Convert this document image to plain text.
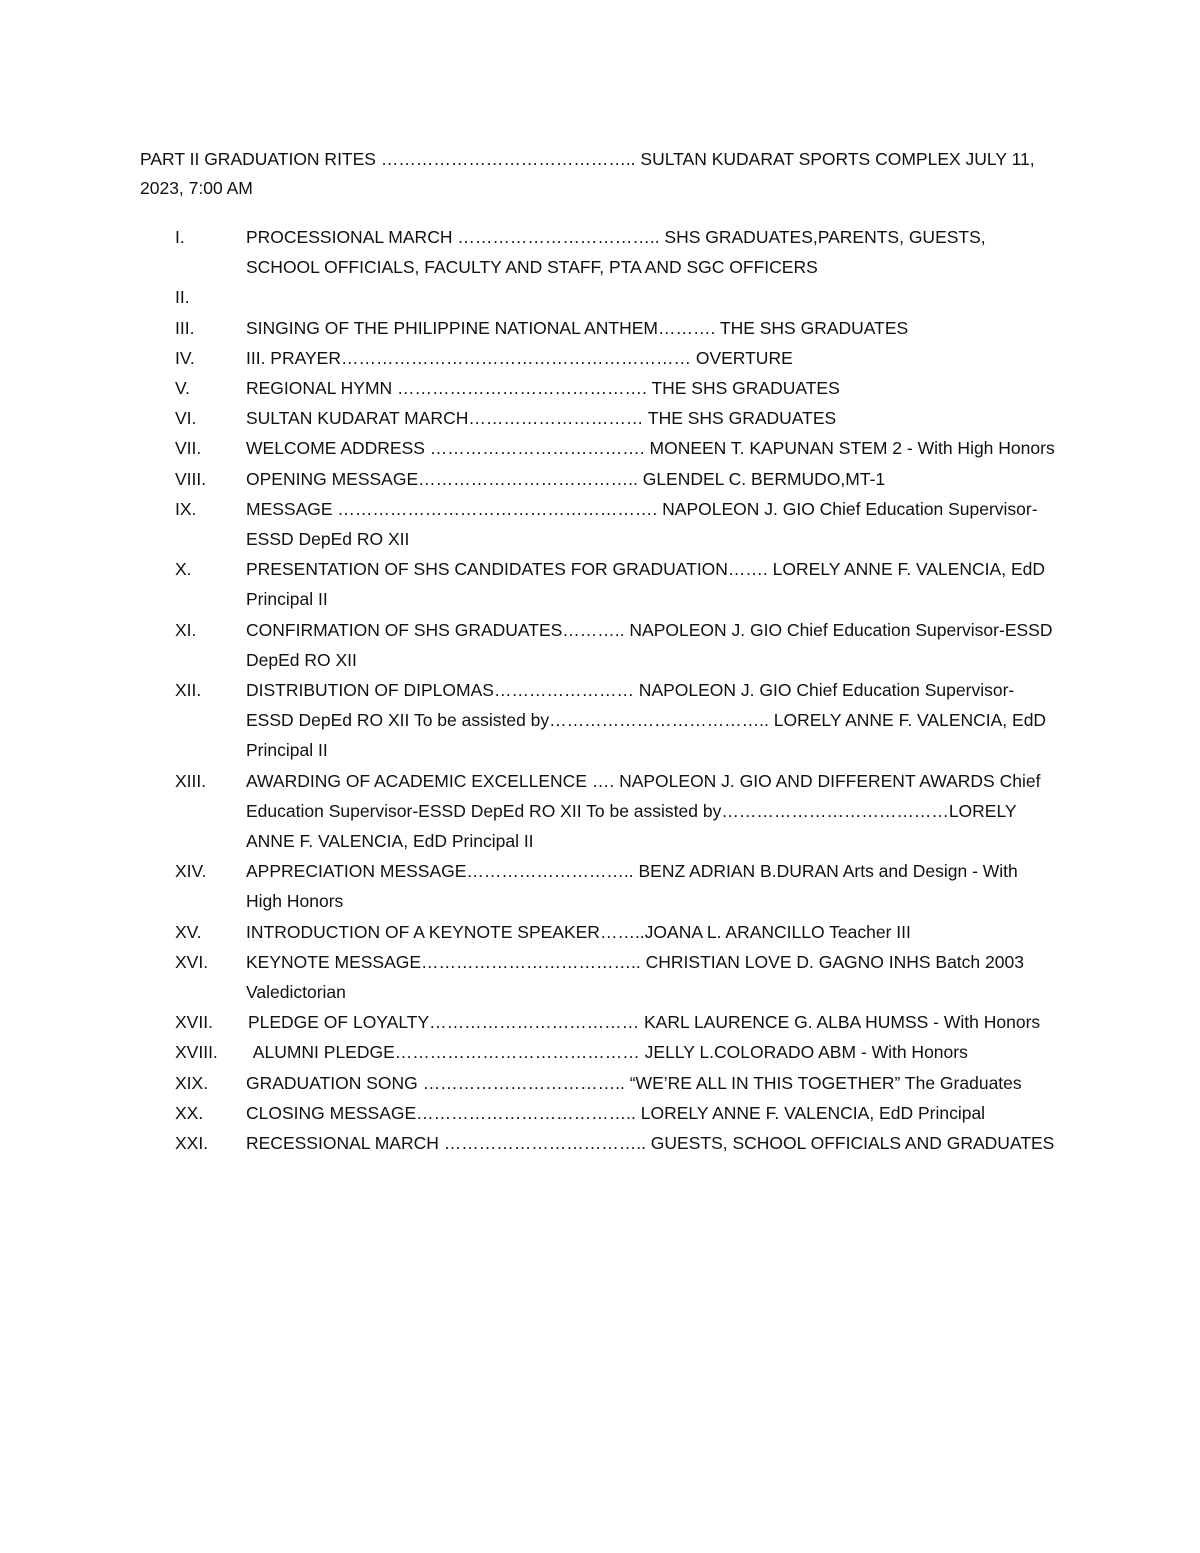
PART II GRADUATION RITES …………………………………….. SULTAN KUDARAT SPORTS COMPLEX JULY 11, 2023, 7:00 AM
I.	PROCESSIONAL MARCH …………………………….. SHS GRADUATES,PARENTS, GUESTS, SCHOOL OFFICIALS, FACULTY AND STAFF, PTA AND SGC OFFICERS
II.
III.	SINGING OF THE PHILIPPINE NATIONAL ANTHEM………. THE SHS GRADUATES
IV.	III. PRAYER…………………………………………………… OVERTURE
V.	REGIONAL HYMN ……………………………………. THE SHS GRADUATES
VI.	SULTAN KUDARAT MARCH………………………… THE SHS GRADUATES
VII.	WELCOME ADDRESS ………………………………. MONEEN T. KAPUNAN STEM 2 - With High Honors
VIII. OPENING MESSAGE……………………………….. GLENDEL C. BERMUDO,MT-1
IX.	MESSAGE ………………………………………………. NAPOLEON J. GIO Chief Education Supervisor-ESSD DepEd RO XII
X.	PRESENTATION OF SHS CANDIDATES FOR GRADUATION……. LORELY ANNE F. VALENCIA, EdD Principal II
XI.	CONFIRMATION OF SHS GRADUATES……….. NAPOLEON J. GIO Chief Education Supervisor-ESSD DepEd RO XII
XII.	DISTRIBUTION OF DIPLOMAS…………………… NAPOLEON J. GIO Chief Education Supervisor-ESSD DepEd RO XII To be assisted by……………………………….. LORELY ANNE F. VALENCIA, EdD Principal II
XIII. AWARDING OF ACADEMIC EXCELLENCE …. NAPOLEON J. GIO AND DIFFERENT AWARDS Chief Education Supervisor-ESSD DepEd RO XII To be assisted by…………………………………LORELY ANNE F. VALENCIA, EdD Principal II
XIV. APPRECIATION MESSAGE……………………….. BENZ ADRIAN B.DURAN Arts and Design - With High Honors
XV.	INTRODUCTION OF A KEYNOTE SPEAKER……..JOANA L. ARANCILLO Teacher III
XVI. KEYNOTE MESSAGE……………………………….. CHRISTIAN LOVE D. GAGNO INHS Batch 2003 Valedictorian
XVII. PLEDGE OF LOYALTY……………………………… KARL LAURENCE G. ALBA HUMSS - With Honors
XVIII. ALUMNI PLEDGE…………………………………… JELLY L.COLORADO ABM - With Honors
XIX. GRADUATION SONG …………………………….. “WE’RE ALL IN THIS TOGETHER” The Graduates
XX.	CLOSING MESSAGE……………………………….. LORELY ANNE F. VALENCIA, EdD Principal
XXI. RECESSIONAL MARCH …………………………….. GUESTS, SCHOOL OFFICIALS AND GRADUATES
